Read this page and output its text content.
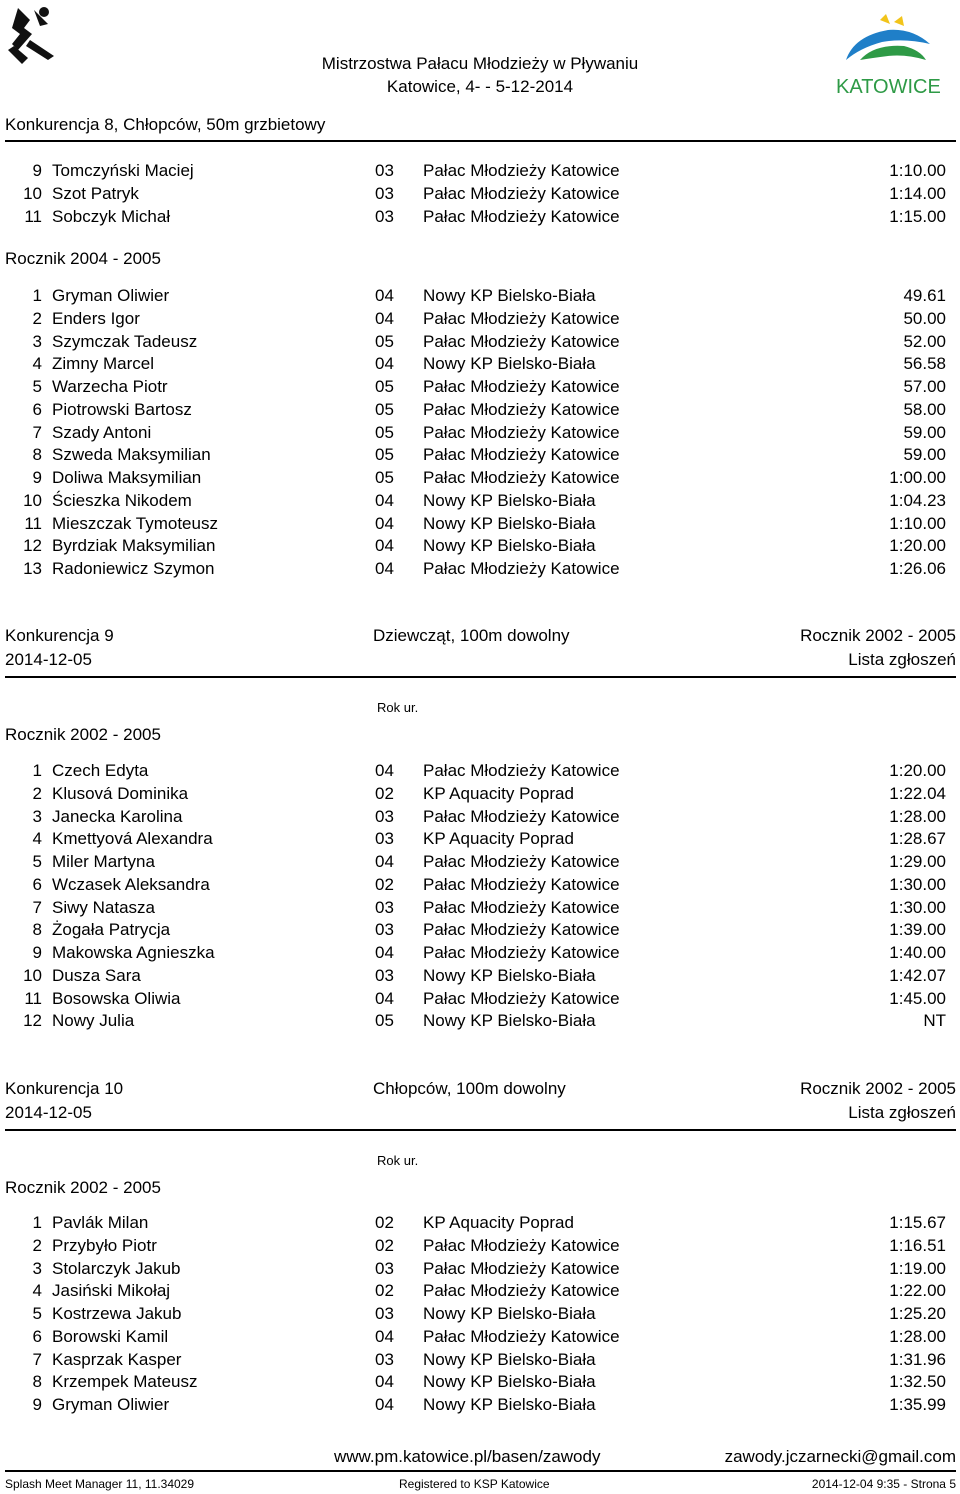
Mistrzostwa Pałacu Młodzieży w Pływaniu
Katowice, 4- - 5-12-2014	KATOWICE
Konkurencja 8, Chłopców, 50m grzbietowy
9 Tomczyński Maciej	03 Pałac Młodzieży Katowice	1:10.00
10 Szot Patryk	03 Pałac Młodzieży Katowice	1:14.00
11 Sobczyk Michał	03 Pałac Młodzieży Katowice	1:15.00
Rocznik 2004 - 2005
1 Gryman Oliwier	04 Nowy KP Bielsko-Biała	49.61
2 Enders Igor	04 Pałac Młodzieży Katowice	50.00
3 Szymczak Tadeusz	05 Pałac Młodzieży Katowice	52.00
4 Zimny Marcel	04 Nowy KP Bielsko-Biała	56.58
5 Warzecha Piotr	05 Pałac Młodzieży Katowice	57.00
6 Piotrowski Bartosz	05 Pałac Młodzieży Katowice	58.00
7 Szady Antoni	05 Pałac Młodzieży Katowice	59.00
8 Szweda Maksymilian	05 Pałac Młodzieży Katowice	59.00
9 Doliwa Maksymilian	05 Pałac Młodzieży Katowice	1:00.00
10 Ścieszka Nikodem	04 Nowy KP Bielsko-Biała	1:04.23
11 Mieszczak Tymoteusz	04 Nowy KP Bielsko-Biała	1:10.00
12 Byrdziak Maksymilian	04 Nowy KP Bielsko-Biała	1:20.00
13 Radoniewicz Szymon	04 Pałac Młodzieży Katowice	1:26.06
Konkurencja 9	Dziewcząt, 100m dowolny	Rocznik 2002 - 2005
2014-12-05	Lista zgłoszeń
Rok ur.
Rocznik 2002 - 2005
1 Czech Edyta	04 Pałac Młodzieży Katowice	1:20.00
2 Klusová Dominika	02 KP Aquacity Poprad	1:22.04
3 Janecka Karolina	03 Pałac Młodzieży Katowice	1:28.00
4 Kmettyová Alexandra	03 KP Aquacity Poprad	1:28.67
5 Miler Martyna	04 Pałac Młodzieży Katowice	1:29.00
6 Wczasek Aleksandra	02 Pałac Młodzieży Katowice	1:30.00
7 Siwy Natasza	03 Pałac Młodzieży Katowice	1:30.00
8 Żogała Patrycja	03 Pałac Młodzieży Katowice	1:39.00
9 Makowska Agnieszka	04 Pałac Młodzieży Katowice	1:40.00
10 Dusza Sara	03 Nowy KP Bielsko-Biała	1:42.07
11 Bosowska Oliwia	04 Pałac Młodzieży Katowice	1:45.00
12 Nowy Julia	05 Nowy KP Bielsko-Biała	NT
Konkurencja 10	Chłopców, 100m dowolny	Rocznik 2002 - 2005
2014-12-05	Lista zgłoszeń
Rok ur.
Rocznik 2002 - 2005
1 Pavlák Milan	02 KP Aquacity Poprad	1:15.67
2 Przybyło Piotr	02 Pałac Młodzieży Katowice	1:16.51
3 Stolarczyk Jakub	03 Pałac Młodzieży Katowice	1:19.00
4 Jasiński Mikołaj	02 Pałac Młodzieży Katowice	1:22.00
5 Kostrzewa Jakub	03 Nowy KP Bielsko-Biała	1:25.20
6 Borowski Kamil	04 Pałac Młodzieży Katowice	1:28.00
7 Kasprzak Kasper	03 Nowy KP Bielsko-Biała	1:31.96
8 Krzempek Mateusz	04 Nowy KP Bielsko-Biała	1:32.50
9 Gryman Oliwier	04 Nowy KP Bielsko-Biała	1:35.99
www.pm.katowice.pl/basen/zawody	zawody.jczarnecki@gmail.com
Splash Meet Manager 11, 11.34029	Registered to KSP Katowice	2014-12-04 9:35 - Strona 5
